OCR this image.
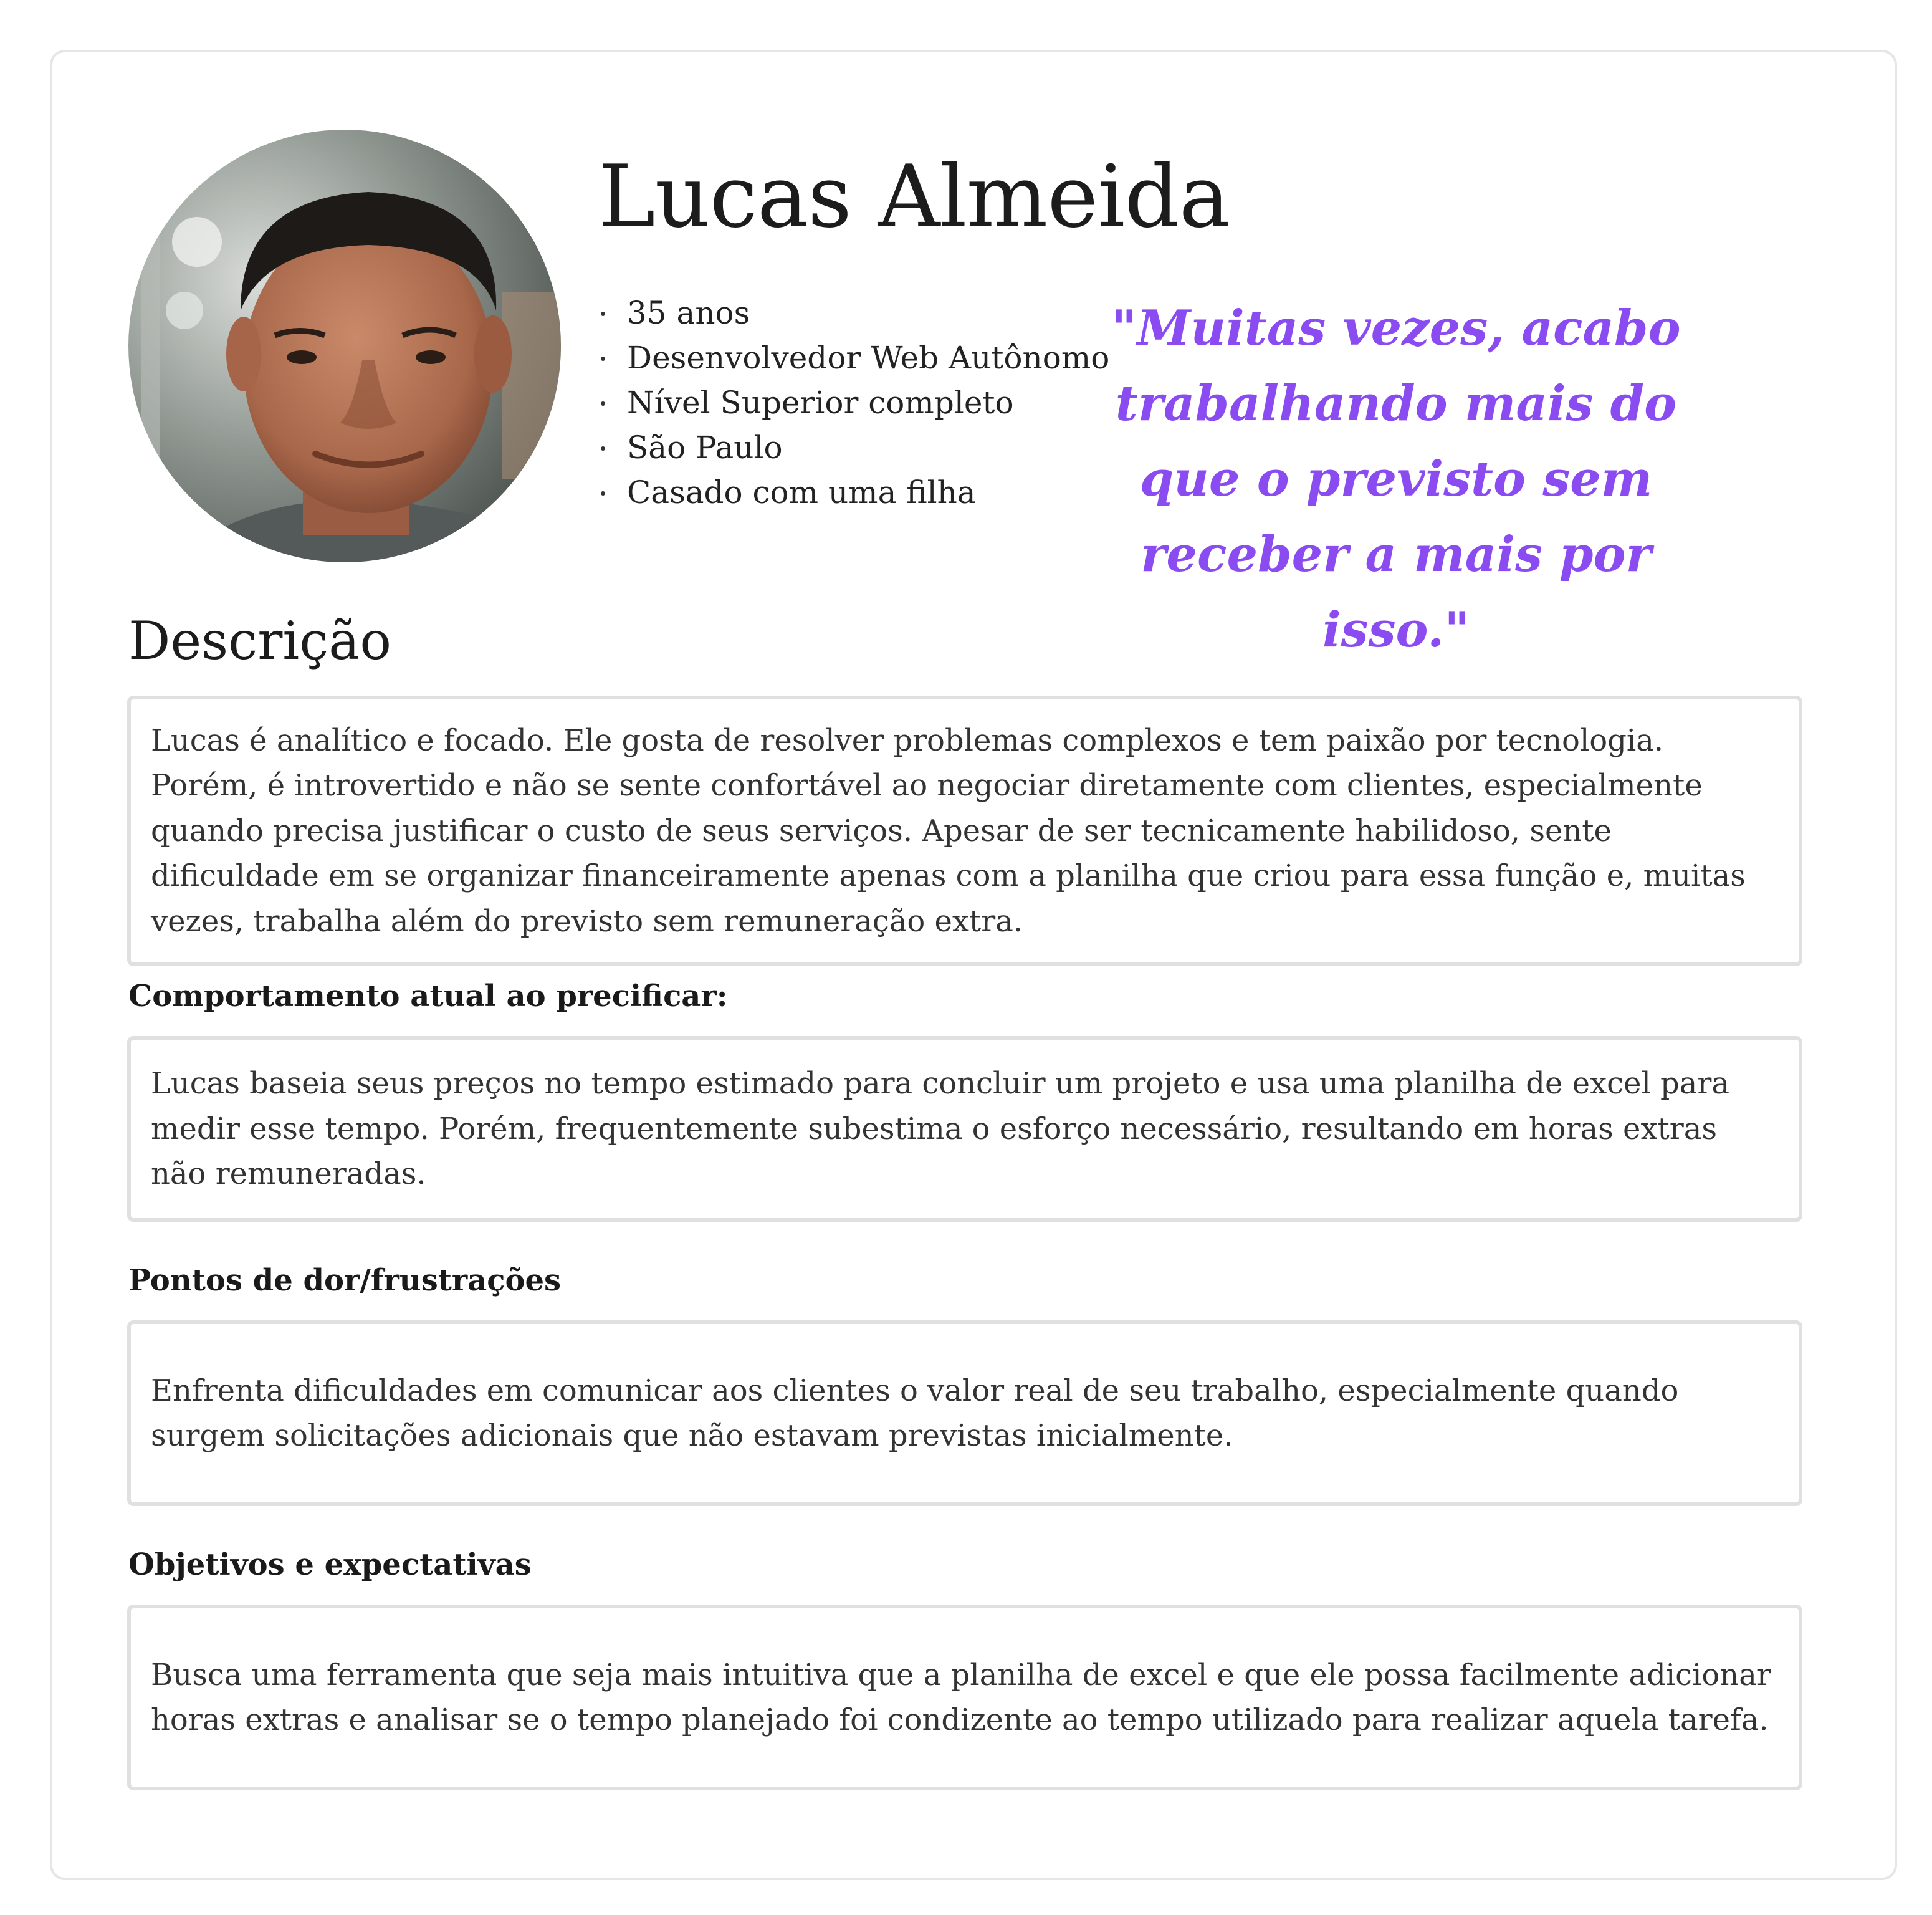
Lucas Almeida
35 anos
Desenvolvedor Web Autônomo
Nível Superior completo
São Paulo
Casado com uma filha

"Muitas vezes, acabo trabalhando mais do que o previsto sem receber a mais por isso."

Descrição

Lucas é analítico e focado. Ele gosta de resolver problemas complexos e tem paixão por tecnologia. Porém, é introvertido e não se sente confortável ao negociar diretamente com clientes, especialmente quando precisa justificar o custo de seus serviços. Apesar de ser tecnicamente habilidoso, sente dificuldade em se organizar financeiramente apenas com a planilha que criou para essa função e, muitas vezes, trabalha além do previsto sem remuneração extra.

Comportamento atual ao precificar:

Lucas baseia seus preços no tempo estimado para concluir um projeto e usa uma planilha de excel para medir esse tempo. Porém, frequentemente subestima o esforço necessário, resultando em horas extras não remuneradas.

Pontos de dor/frustrações

Enfrenta dificuldades em comunicar aos clientes o valor real de seu trabalho, especialmente quando surgem solicitações adicionais que não estavam previstas inicialmente.

Objetivos e expectativas

Busca uma ferramenta que seja mais intuitiva que a planilha de excel e que ele possa facilmente adicionar horas extras e analisar se o tempo planejado foi condizente ao tempo utilizado para realizar aquela tarefa.
